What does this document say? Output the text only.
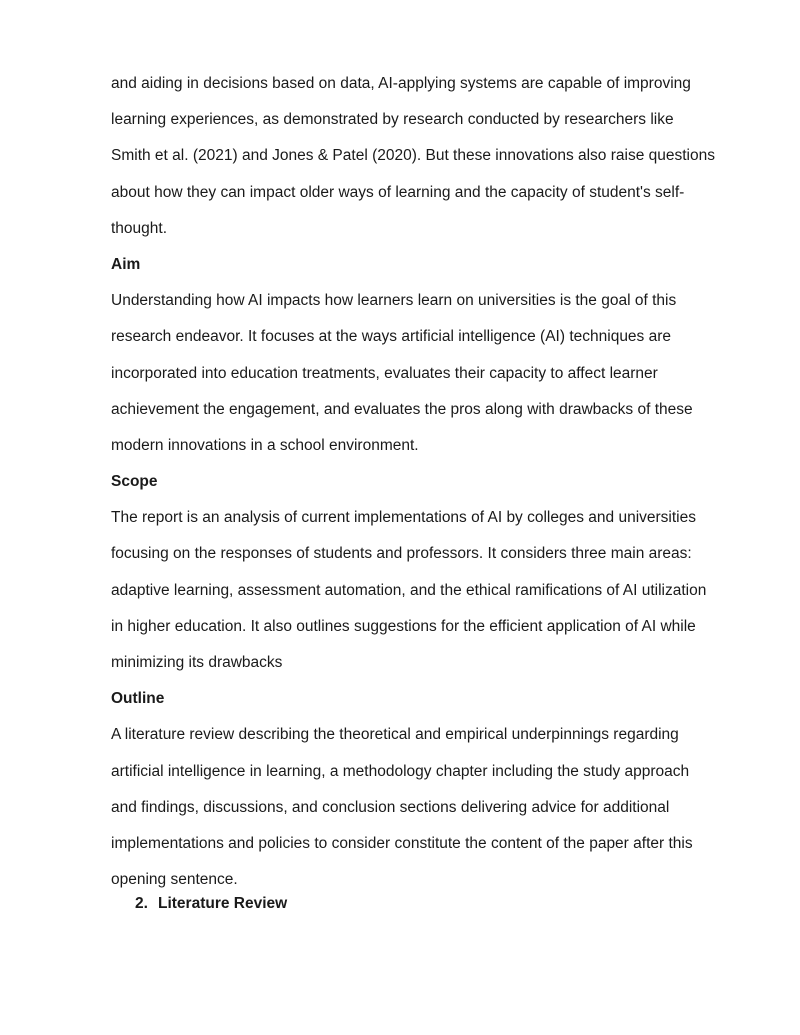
and aiding in decisions based on data, AI-applying systems are capable of improving
learning experiences, as demonstrated by research conducted by researchers like
Smith et al. (2021) and Jones & Patel (2020). But these innovations also raise questions
about how they can impact older ways of learning and the capacity of student's self-
thought.
Aim
Understanding how AI impacts how learners learn on universities is the goal of this
research endeavor. It focuses at the ways artificial intelligence (AI) techniques are
incorporated into education treatments, evaluates their capacity to affect learner
achievement the engagement, and evaluates the pros along with drawbacks of these
modern innovations in a school environment.
Scope
The report is an analysis of current implementations of AI by colleges and universities
focusing on the responses of students and professors. It considers three main areas:
adaptive learning, assessment automation, and the ethical ramifications of AI utilization
in higher education. It also outlines suggestions for the efficient application of AI while
minimizing its drawbacks
Outline
A literature review describing the theoretical and empirical underpinnings regarding
artificial intelligence in learning, a methodology chapter including the study approach
and findings, discussions, and conclusion sections delivering advice for additional
implementations and policies to consider constitute the content of the paper after this
opening sentence.
2. Literature Review
